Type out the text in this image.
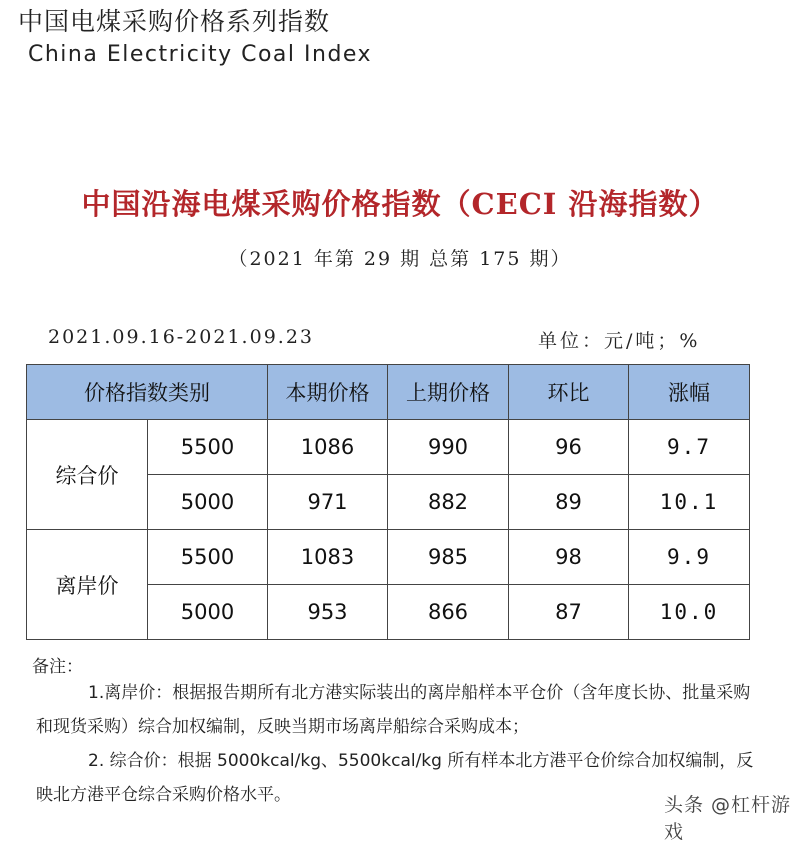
中国电煤采购价格系列指数
China Electricity Coal Index
中国沿海电煤采购价格指数（CECI 沿海指数）
（2021 年第 29 期 总第 175 期）
2021.09.16-2021.09.23	单位：元/吨；%
价格指数类别		本期价格	上期价格	环比	涨幅
综合价	5500	1086	990	96	9.7
	5000	971	882	89	10.1
离岸价	5500	1083	985	98	9.9
	5000	953	866	87	10.0
备注：
1.离岸价：根据报告期所有北方港实际装出的离岸船样本平仓价（含年度长协、批量采购和现货采购）综合加权编制，反映当期市场离岸船综合采购成本；
2. 综合价：根据 5000kcal/kg、5500kcal/kg 所有样本北方港平仓价综合加权编制，反映北方港平仓综合采购价格水平。	头条 @杠杆游戏
